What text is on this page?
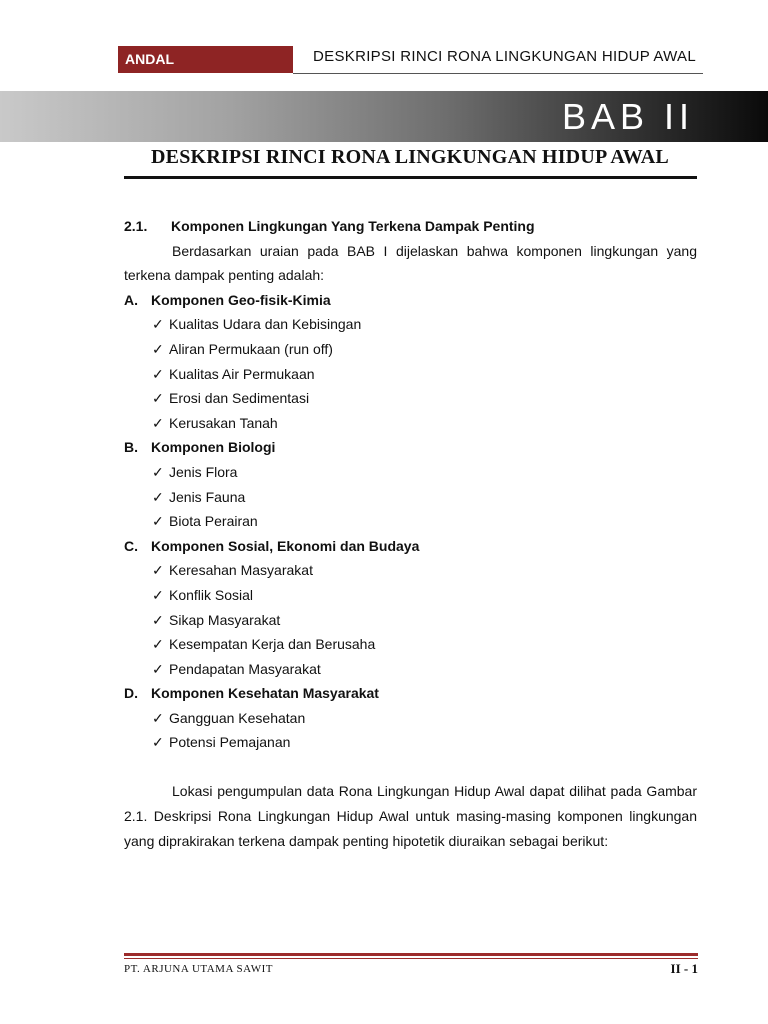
ANDAL	DESKRIPSI RINCI RONA LINGKUNGAN HIDUP AWAL
BAB II
DESKRIPSI RINCI RONA LINGKUNGAN HIDUP AWAL
2.1.	Komponen Lingkungan Yang Terkena Dampak Penting

Berdasarkan uraian pada BAB I dijelaskan bahwa komponen lingkungan yang terkena dampak penting adalah:

A. Komponen Geo-fisik-Kimia
✓ Kualitas Udara dan Kebisingan
✓ Aliran Permukaan (run off)
✓ Kualitas Air Permukaan
✓ Erosi dan Sedimentasi
✓ Kerusakan Tanah
B. Komponen Biologi
✓ Jenis Flora
✓ Jenis Fauna
✓ Biota Perairan
C. Komponen Sosial, Ekonomi dan Budaya
✓ Keresahan Masyarakat
✓ Konflik Sosial
✓ Sikap Masyarakat
✓ Kesempatan Kerja dan Berusaha
✓ Pendapatan Masyarakat
D. Komponen Kesehatan Masyarakat
✓ Gangguan Kesehatan
✓ Potensi Pemajanan

Lokasi pengumpulan data Rona Lingkungan Hidup Awal dapat dilihat pada Gambar 2.1. Deskripsi Rona Lingkungan Hidup Awal untuk masing-masing komponen lingkungan yang diprakirakan terkena dampak penting hipotetik diuraikan sebagai berikut:

PT. ARJUNA UTAMA SAWIT	II - 1
